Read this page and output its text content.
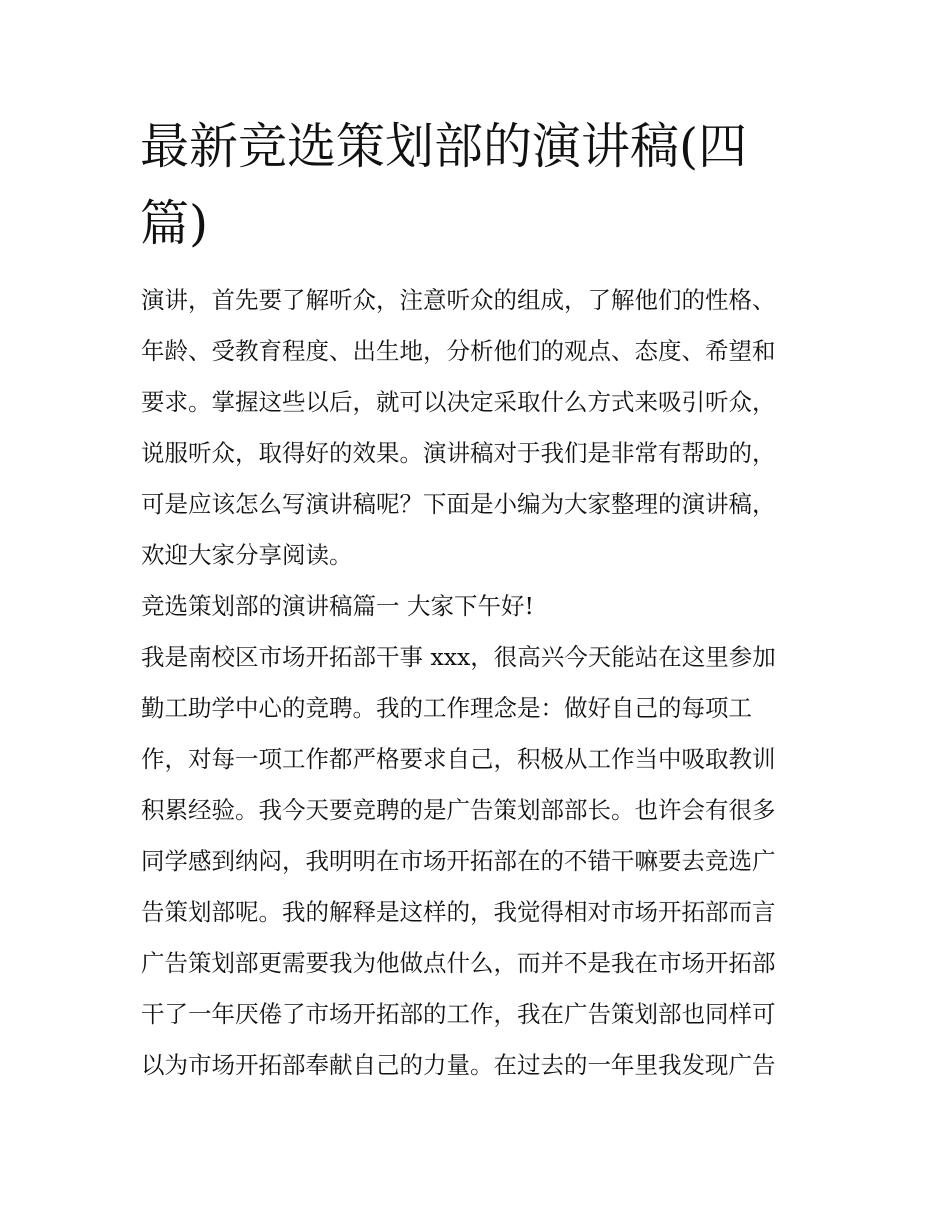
最新竞选策划部的演讲稿(四
篇)

演讲，首先要了解听众，注意听众的组成，了解他们的性格、

年龄、受教育程度、出生地，分析他们的观点、态度、希望和

要求。掌握这些以后，就可以决定采取什么方式来吸引听众，

说服听众，取得好的效果。演讲稿对于我们是非常有帮助的，

可是应该怎么写演讲稿呢？下面是小编为大家整理的演讲稿，

欢迎大家分享阅读。

竞选策划部的演讲稿篇一 大家下午好!

我是南校区市场开拓部干事 xxx，很高兴今天能站在这里参加

勤工助学中心的竞聘。我的工作理念是：做好自己的每项工

作，对每一项工作都严格要求自己，积极从工作当中吸取教训

积累经验。我今天要竞聘的是广告策划部部长。也许会有很多

同学感到纳闷，我明明在市场开拓部在的不错干嘛要去竞选广

告策划部呢。我的解释是这样的，我觉得相对市场开拓部而言

广告策划部更需要我为他做点什么，而并不是我在市场开拓部

干了一年厌倦了市场开拓部的工作，我在广告策划部也同样可

以为市场开拓部奉献自己的力量。在过去的一年里我发现广告
